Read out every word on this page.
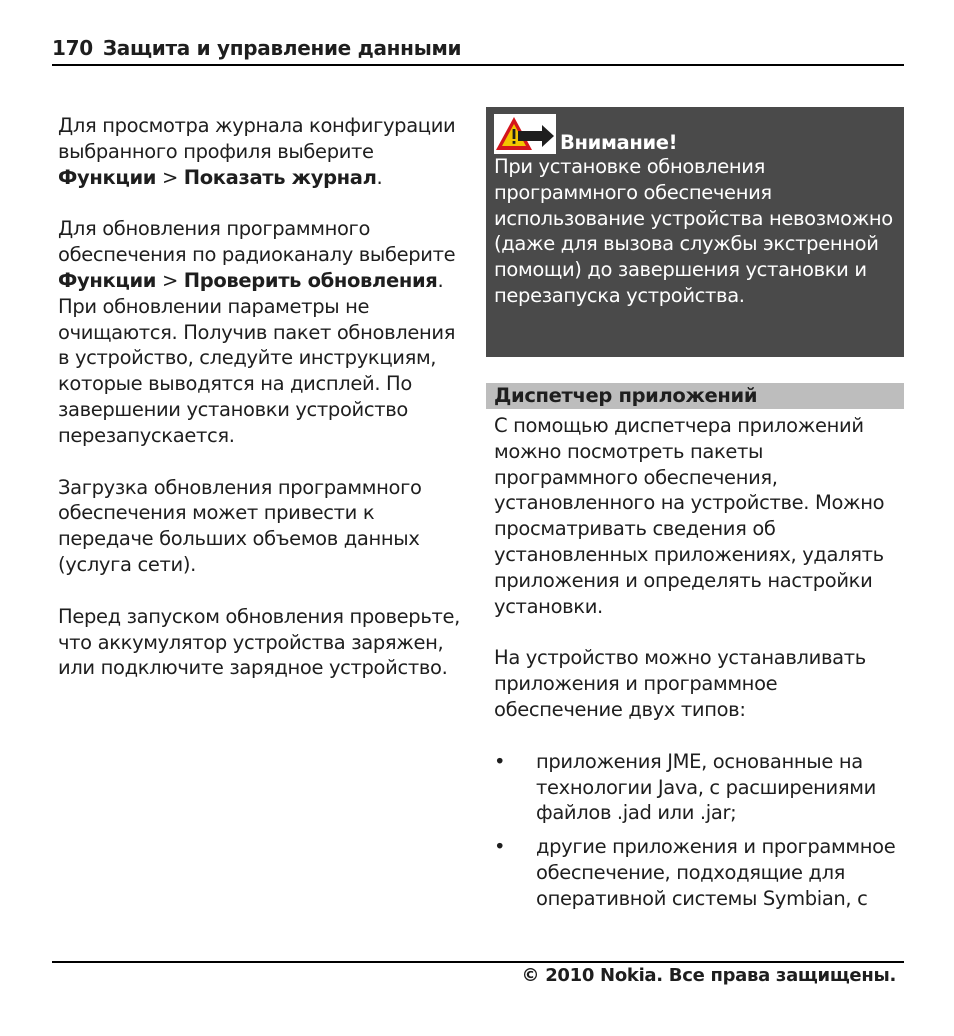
170 Защита и управление данными

Для просмотра журнала конфигурации выбранного профиля выберите Функции > Показать журнал.

Для обновления программного обеспечения по радиоканалу выберите Функции > Проверить обновления. При обновлении параметры не очищаются. Получив пакет обновления в устройство, следуйте инструкциям, которые выводятся на дисплей. По завершении установки устройство перезапускается.

Загрузка обновления программного обеспечения может привести к передаче больших объемов данных (услуга сети).

Перед запуском обновления проверьте, что аккумулятор устройства заряжен, или подключите зарядное устройство.

Внимание!
При установке обновления программного обеспечения использование устройства невозможно (даже для вызова службы экстренной помощи) до завершения установки и перезапуска устройства.
Диспетчер приложений

С помощью диспетчера приложений можно посмотреть пакеты программного обеспечения, установленного на устройстве. Можно просматривать сведения об установленных приложениях, удалять приложения и определять настройки установки.

На устройство можно устанавливать приложения и программное обеспечение двух типов:

• приложения JME, основанные на технологии Java, с расширениями файлов .jad или .jar;
• другие приложения и программное обеспечение, подходящие для оперативной системы Symbian, с
© 2010 Nokia. Все права защищены.
